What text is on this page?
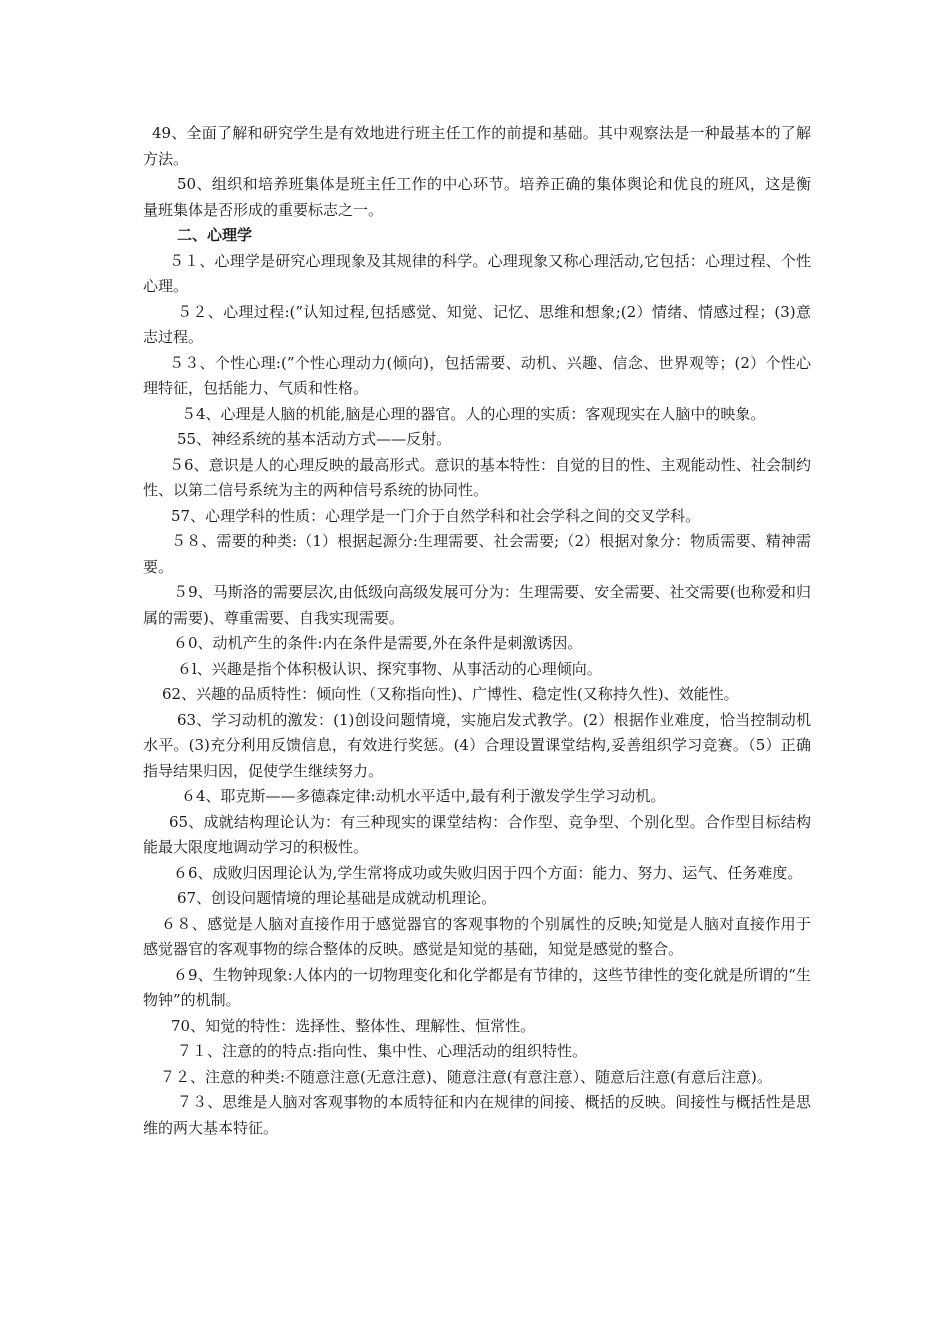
49、全面了解和研究学生是有效地进行班主任工作的前提和基础。其中观察法是一种最基本的了解方法。

50、组织和培养班集体是班主任工作的中心环节。培养正确的集体舆论和优良的班风，这是衡量班集体是否形成的重要标志之一。

二、心理学

５１、心理学是研究心理现象及其规律的科学。心理现象又称心理活动,它包括：心理过程、个性心理。

５２、心理过程:(”认知过程,包括感觉、知觉、记忆、思维和想象;(2）情绪、情感过程；(3)意志过程。

５３、个性心理:(”个性心理动力(倾向)，包括需要、动机、兴趣、信念、世界观等；(2）个性心理特征，包括能力、气质和性格。

５4、心理是人脑的机能,脑是心理的器官。人的心理的实质：客观现实在人脑中的映象。

55、神经系统的基本活动方式——反射。

５6、意识是人的心理反映的最高形式。意识的基本特性：自觉的目的性、主观能动性、社会制约性、以第二信号系统为主的两种信号系统的协同性。

57、心理学科的性质：心理学是一门介于自然学科和社会学科之间的交叉学科。

５８、需要的种类:（1）根据起源分:生理需要、社会需要;（2）根据对象分：物质需要、精神需要。

５9、马斯洛的需要层次,由低级向高级发展可分为：生理需要、安全需要、社交需要(也称爱和归属的需要)、尊重需要、自我实现需要。

６0、动机产生的条件:内在条件是需要,外在条件是刺激诱因。

６l、兴趣是指个体积极认识、探究事物、从事活动的心理倾向。

62、兴趣的品质特性：倾向性（又称指向性)、广博性、稳定性(又称持久性)、效能性。

63、学习动机的激发：(1)创设问题情境，实施启发式教学。(2）根据作业难度，恰当控制动机水平。(3)充分利用反馈信息，有效进行奖惩。(4）合理设置课堂结构,妥善组织学习竞赛。（5）正确指导结果归因，促使学生继续努力。

６4、耶克斯——多德森定律:动机水平适中,最有利于激发学生学习动机。

65、成就结构理论认为：有三种现实的课堂结构：合作型、竞争型、个别化型。合作型目标结构能最大限度地调动学习的积极性。

６6、成败归因理论认为,学生常将成功或失败归因于四个方面：能力、努力、运气、任务难度。

67、创设问题情境的理论基础是成就动机理论。

６８、感觉是人脑对直接作用于感觉器官的客观事物的个别属性的反映;知觉是人脑对直接作用于感觉器官的客观事物的综合整体的反映。感觉是知觉的基础，知觉是感觉的整合。

６9、生物钟现象:人体内的一切物理变化和化学都是有节律的，这些节律性的变化就是所谓的“生物钟”的机制。

70、知觉的特性：选择性、整体性、理解性、恒常性。

７１、注意的的特点:指向性、集中性、心理活动的组织特性。

７２、注意的种类:不随意注意(无意注意)、随意注意(有意注意）、随意后注意(有意后注意)。

７３、思维是人脑对客观事物的本质特征和内在规律的间接、概括的反映。间接性与概括性是思维的两大基本特征。
